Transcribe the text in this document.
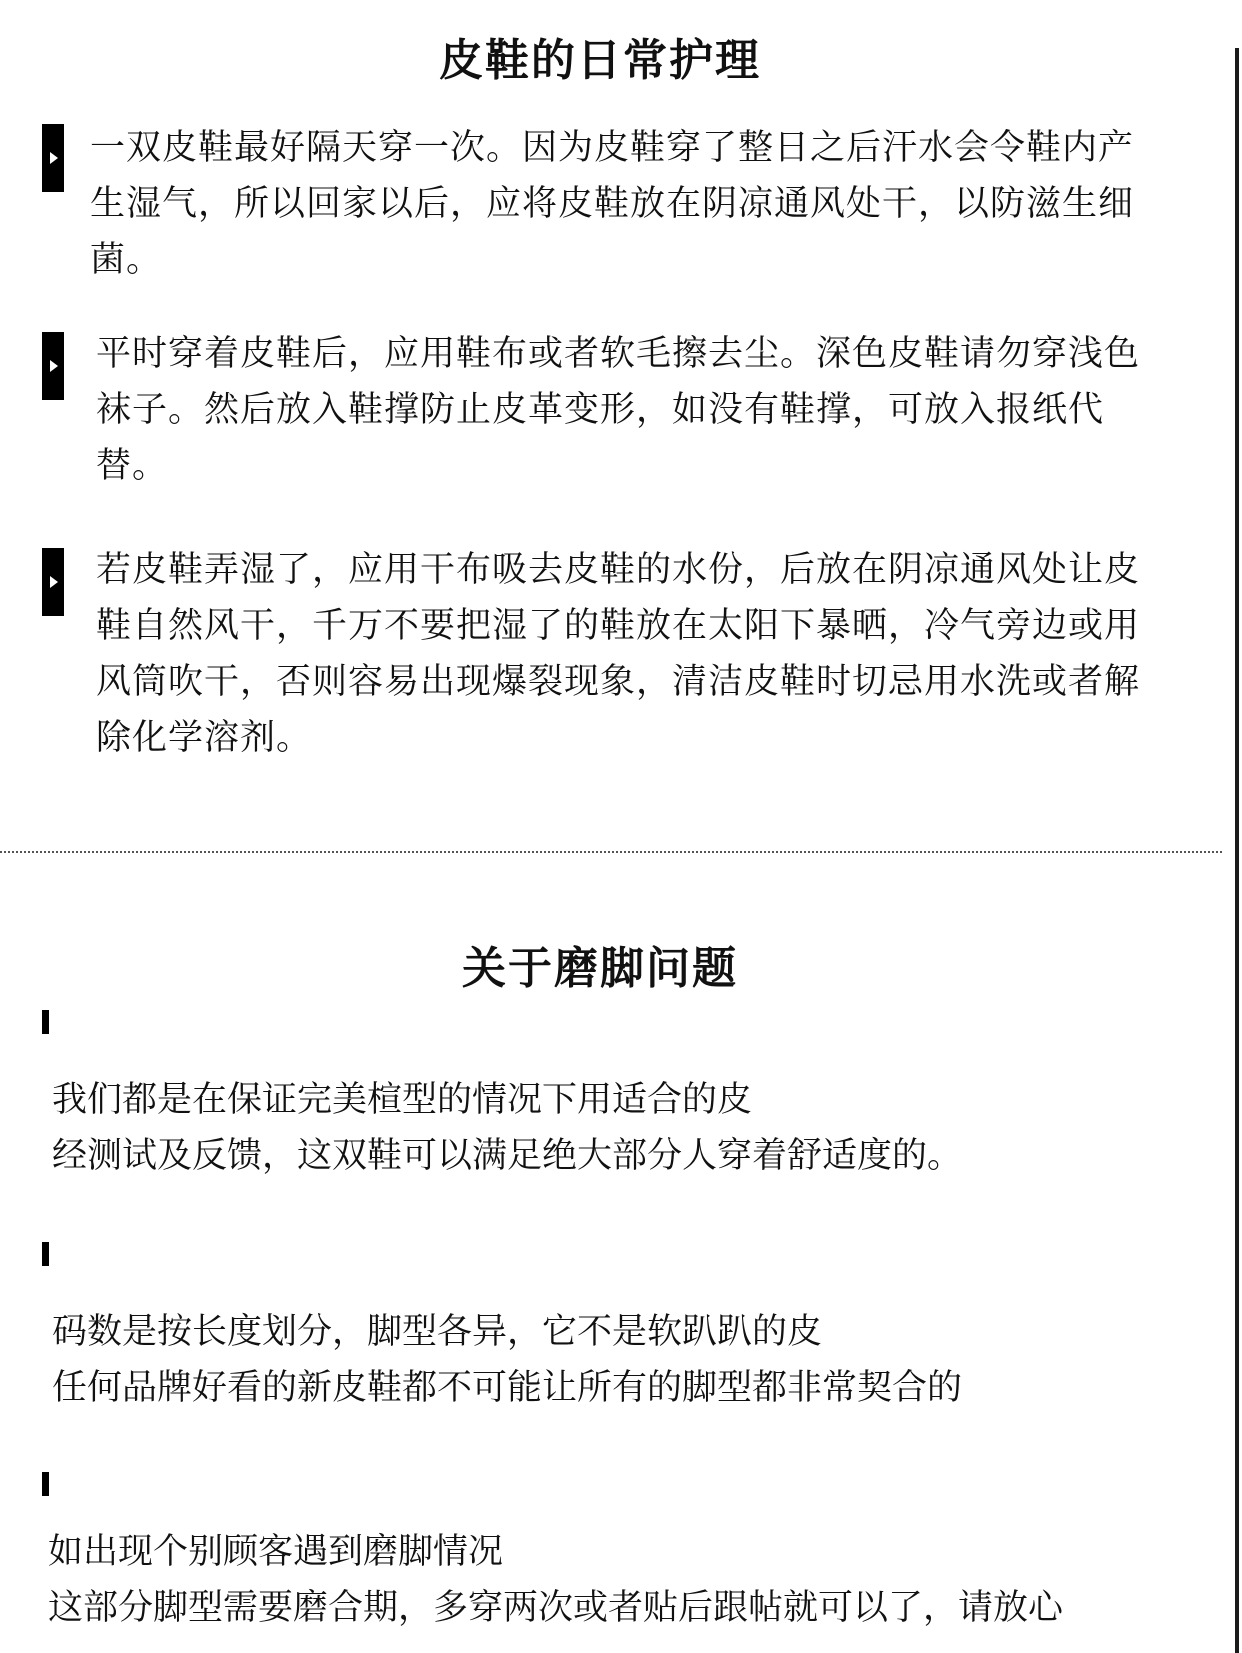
皮鞋的日常护理
一双皮鞋最好隔天穿一次。因为皮鞋穿了整日之后汗水会令鞋内产生湿气，所以回家以后，应将皮鞋放在阴凉通风处干，以防滋生细菌。
平时穿着皮鞋后，应用鞋布或者软毛擦去尘。深色皮鞋请勿穿浅色袜子。然后放入鞋撑防止皮革变形，如没有鞋撑，可放入报纸代替。
若皮鞋弄湿了，应用干布吸去皮鞋的水份，后放在阴凉通风处让皮鞋自然风干，千万不要把湿了的鞋放在太阳下暴晒，冷气旁边或用风筒吹干，否则容易出现爆裂现象，清洁皮鞋时切忌用水洗或者解除化学溶剂。
关于磨脚问题
我们都是在保证完美楦型的情况下用适合的皮
经测试及反馈，这双鞋可以满足绝大部分人穿着舒适度的。
码数是按长度划分，脚型各异，它不是软趴趴的皮
任何品牌好看的新皮鞋都不可能让所有的脚型都非常契合的
如出现个别顾客遇到磨脚情况
这部分脚型需要磨合期，多穿两次或者贴后跟帖就可以了，请放心
